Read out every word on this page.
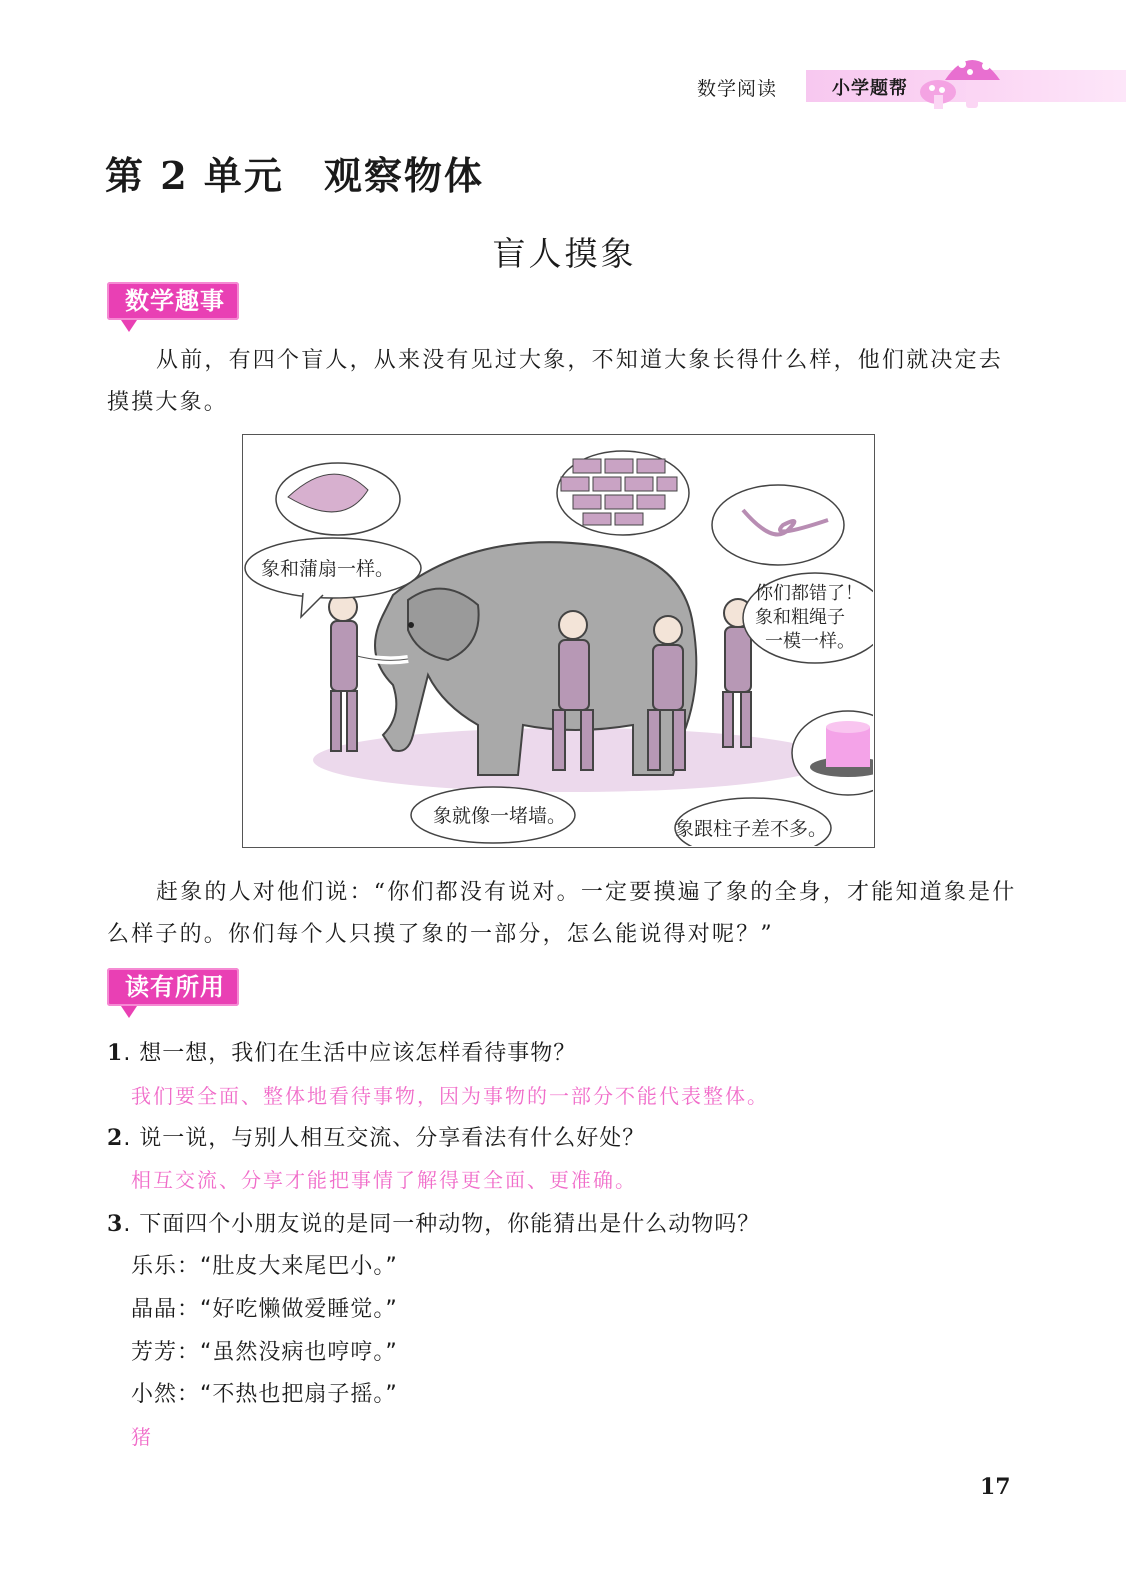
数学阅读	小学题帮
第 2 单元　观察物体
盲人摸象
数学趣事
从前，有四个盲人，从来没有见过大象，不知道大象长得什么样，他们就决定去摸摸大象。
象和蒲扇一样。
你们都错了！
象和粗绳子
一模一样。
象就像一堵墙。
象跟柱子差不多。
赶象的人对他们说：“你们都没有说对。一定要摸遍了象的全身，才能知道象是什么样子的。你们每个人只摸了象的一部分，怎么能说得对呢？”
读有所用
1. 想一想，我们在生活中应该怎样看待事物？
我们要全面、整体地看待事物，因为事物的一部分不能代表整体。
2. 说一说，与别人相互交流、分享看法有什么好处？
相互交流、分享才能把事情了解得更全面、更准确。
3. 下面四个小朋友说的是同一种动物，你能猜出是什么动物吗？
乐乐：“肚皮大来尾巴小。”
晶晶：“好吃懒做爱睡觉。”
芳芳：“虽然没病也哼哼。”
小然：“不热也把扇子摇。”
猪
17
